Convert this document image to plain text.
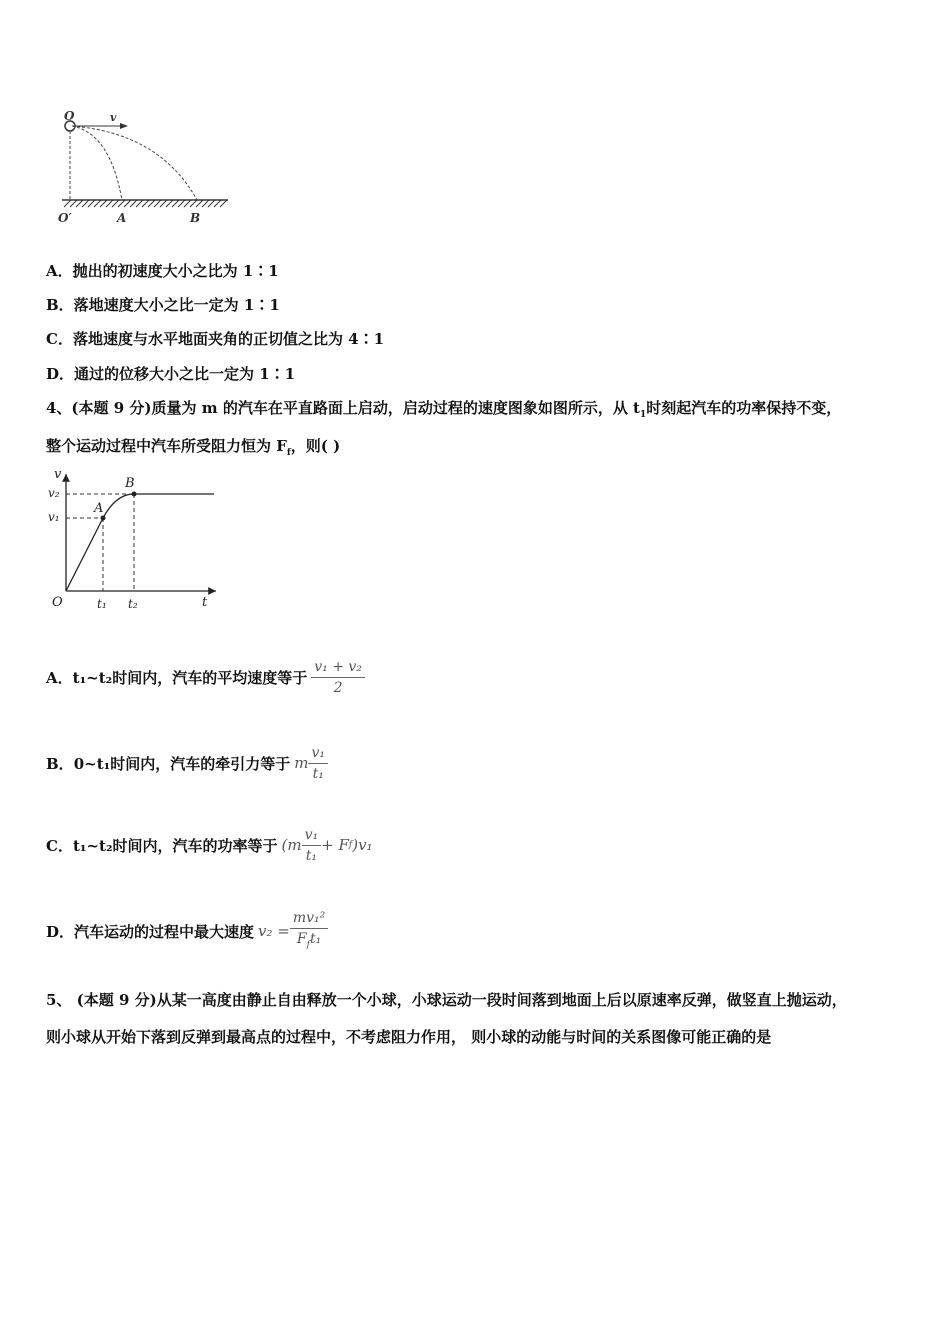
O	v
O′	A	B
A．抛出的初速度大小之比为 1∶1
B．落地速度大小之比一定为 1∶1
C．落地速度与水平地面夹角的正切值之比为 4∶1
D．通过的位移大小之比一定为 1∶1
4、(本题 9 分)质量为 m 的汽车在平直路面上启动，启动过程的速度图象如图所示，从 $t_1$时刻起汽车的功率保持不变，
整个运动过程中汽车所受阻力恒为 $F_f$，则( )
v
v₂
v₁
A
B
O	t₁ t₂	t
A． t₁~t₂时间内，汽车的平均速度等于 $\frac{\text{v₁ + v₂}}{2}$
B． 0~t₁时间内，汽车的牵引力等于 m $\frac{\text{v₁}}{\text{t₁}}$
C． t₁~t₂时间内，汽车的功率等于 ($m \frac{\text{v₁}}{\text{t₁}} + F$ f )v₁
D． 汽车运动的过程中最大速度 $v_2 = \frac{\text{mv₁²}}{F_ft_1}$
5、 (本题 9 分)从某一高度由静止自由释放一个小球，小球运动一段时间落到地面上后以原速率反弹，做竖直上抛运动，
则小球从开始下落到反弹到最高点的过程中，不考虑阻力作用， 则小球的动能与时间的关系图像可能正确的是
